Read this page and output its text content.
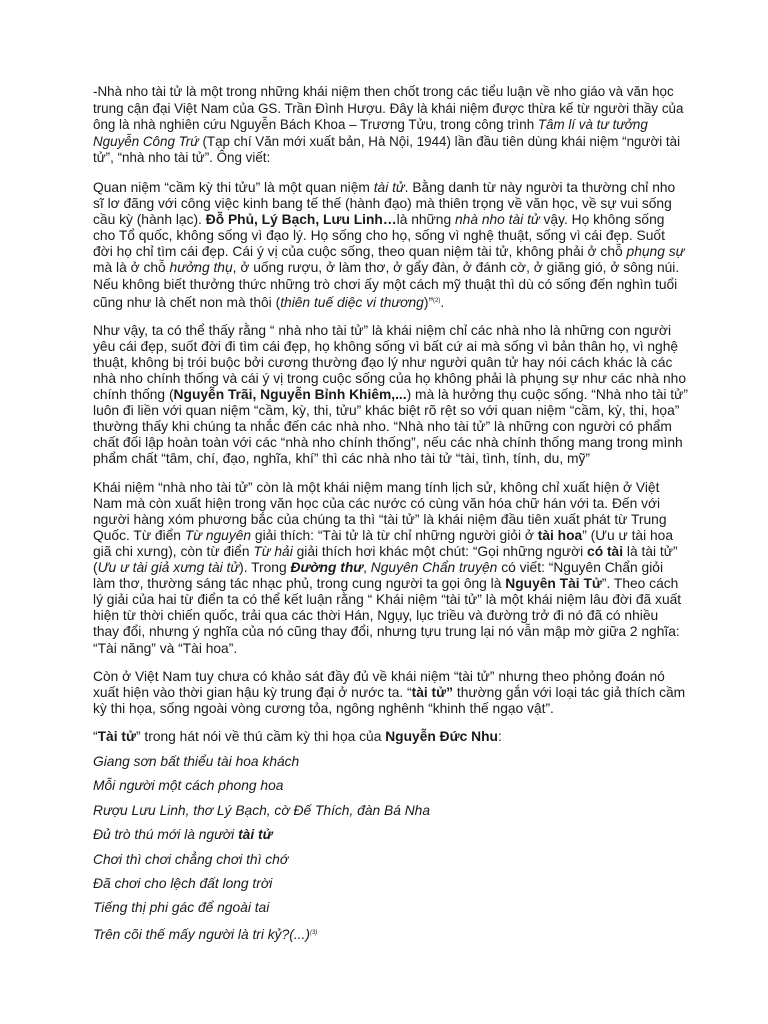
-Nhà nho tài tử là một trong những khái niệm then chốt trong các tiểu luận về nho giáo và văn học trung cận đại Việt Nam của GS. Trần Đình Hượu. Đây là khái niệm được thừa kế từ người thầy của ông là nhà nghiên cứu Nguyễn Bách Khoa – Trương Tửu, trong công trình Tâm lí và tư tưởng Nguyễn Công Trứ (Tạp chí Văn mới xuất bản, Hà Nội, 1944) lần đầu tiên dùng khái niệm “người tài tử”, “nhà nho tài tử”. Ông viết:

Quan niệm “cầm kỳ thi tửu” là một quan niệm tài tử. Bằng danh từ này người ta thường chỉ nho sĩ lơ đãng với công việc kinh bang tế thế (hành đạo) mà thiên trọng về văn học, về sự vui sống cầu kỳ (hành lạc). Đỗ Phủ, Lý Bạch, Lưu Linh…là những nhà nho tài tử vậy. Họ không sống cho Tổ quốc, không sống vì đạo lý. Họ sống cho họ, sống vì nghệ thuật, sống vì cái đẹp. Suốt đời họ chỉ tìm cái đẹp. Cái ý vị của cuộc sống, theo quan niệm tài tử, không phải ở chỗ phụng sự mà là ở chỗ hưởng thụ, ở uống rượu, ở làm thơ, ở gẩy đàn, ở đánh cờ, ở giăng gió, ở sông núi. Nếu không biết thưởng thức những trò chơi ấy một cách mỹ thuật thì dù có sống đến nghìn tuổi cũng như là chết non mà thôi (thiên tuế diệc vi thương)”$^{(2)}$.

Như vậy, ta có thể thấy rằng “ nhà nho tài tử” là khái niệm chỉ các nhà nho là những con người yêu cái đẹp, suốt đời đi tìm cái đẹp, họ không sống vì bất cứ ai mà sống vì bản thân họ, vì nghệ thuật, không bị trói buộc bởi cương thường đạo lý như người quân tử hay nói cách khác là các nhà nho chính thống và cái ý vị trong cuộc sống của họ không phải là phụng sự như các nhà nho chính thống (Nguyễn Trãi, Nguyễn Bỉnh Khiêm,...) mà là hưởng thụ cuộc sống. “Nhà nho tài tử” luôn đi liền với quan niệm “cầm, kỳ, thi, tửu” khác biệt rõ rệt so với quan niệm “cầm, kỳ, thi, họa” thường thấy khi chúng ta nhắc đến các nhà nho. “Nhà nho tài tử” là những con người có phẩm chất đối lập hoàn toàn với các “nhà nho chính thống”, nếu các nhà chính thống mang trong mình phẩm chất “tâm, chí, đạo, nghĩa, khí” thì các nhà nho tài tử “tài, tình, tính, du, mỹ”

Khái niệm “nhà nho tài tử” còn là một khái niệm mang tính lịch sử, không chỉ xuất hiện ở Việt Nam mà còn xuất hiện trong văn học của các nước có cùng văn hóa chữ hán với ta. Đến với người hàng xóm phương bắc của chúng ta thì “tài tử” là khái niệm đầu tiên xuất phát từ Trung Quốc. Từ điển Từ nguyên giải thích: “Tài tử là từ chỉ những người giỏi ở tài hoa” (Ưu ư tài hoa giã chi xưng), còn từ điển Từ hải giải thích hơi khác một chút: “Gọi những người có tài là tài tử” (Ưu ư tài giả xưng tài tử). Trong Đường thư, Nguyên Chẩn truyện có viết: “Nguyên Chẩn giỏi làm thơ, thường sáng tác nhạc phủ, trong cung người ta gọi ông là Nguyên Tài Tử”. Theo cách lý giải của hai từ điển ta có thể kết luận rằng “ Khái niệm “tài tử” là một khái niệm lâu đời đã xuất hiện từ thời chiến quốc, trải qua các thời Hán, Ngụy, lục triều và đường trở đi nó đã có nhiều thay đổi, nhưng ý nghĩa của nó cũng thay đổi, nhưng tựu trung lại nó vẫn mập mờ giữa 2 nghĩa: “Tài năng” và “Tài hoa”.

Còn ở Việt Nam tuy chưa có khảo sát đầy đủ về khái niệm “tài tử” nhưng theo phỏng đoán nó xuất hiện vào thời gian hậu kỳ trung đại ở nước ta. “tài tử” thường gắn với loại tác giả thích cầm kỳ thi họa, sống ngoài vòng cương tỏa, ngông nghênh “khinh thế ngạo vật”.

“Tài tử” trong hát nói về thú cầm kỳ thi họa của Nguyễn Đức Nhu:

Giang sơn bất thiểu tài hoa khách

Mỗi người một cách phong hoa

Rượu Lưu Linh, thơ Lý Bạch, cờ Đế Thích, đàn Bá Nha

Đủ trò thú mới là người tài tử

Chơi thì chơi chẳng chơi thì chớ

Đã chơi cho lệch đất long trời

Tiếng thị phi gác để ngoài tai

Trên cõi thế mấy người là tri kỷ?(...)$^{(3)}$
